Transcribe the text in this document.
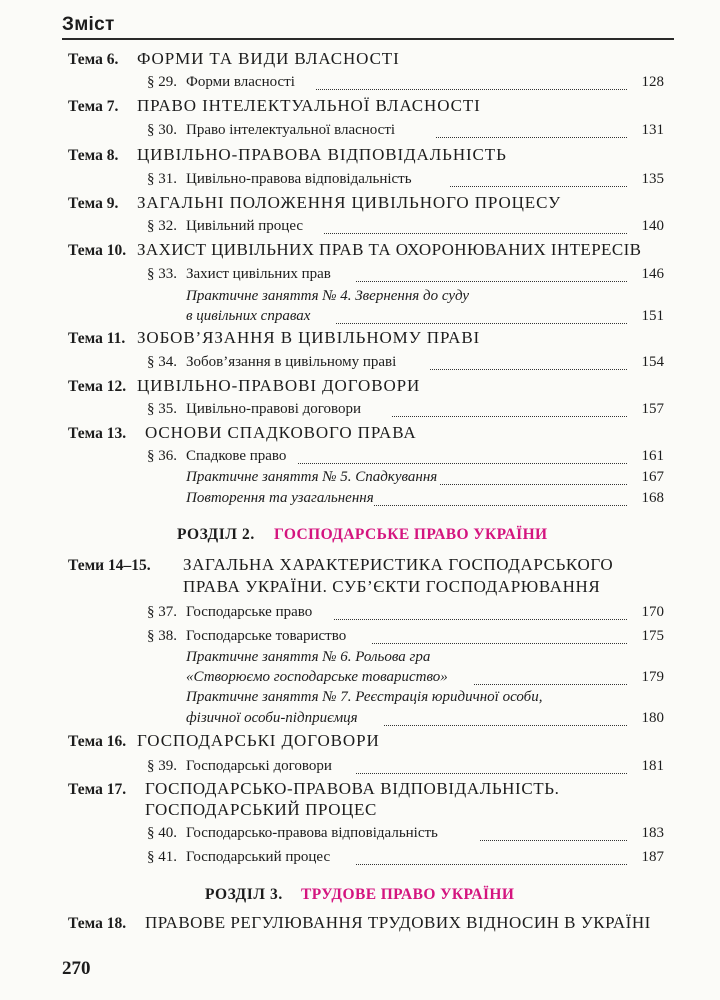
Зміст
Тема 6. ФОРМИ ТА ВИДИ ВЛАСНОСТІ
§ 29. Форми власності	128
Тема 7. ПРАВО ІНТЕЛЕКТУАЛЬНОЇ ВЛАСНОСТІ
§ 30. Право інтелектуальної власності	131
Тема 8. ЦИВІЛЬНО-ПРАВОВА ВІДПОВІДАЛЬНІСТЬ
§ 31. Цивільно-правова відповідальність	135
Тема 9. ЗАГАЛЬНІ ПОЛОЖЕННЯ ЦИВІЛЬНОГО ПРОЦЕСУ
§ 32. Цивільний процес	140
Тема 10. ЗАХИСТ ЦИВІЛЬНИХ ПРАВ ТА ОХОРОНЮВАНИХ ІНТЕРЕСІВ
§ 33. Захист цивільних прав	146
Практичне заняття № 4. Звернення до суду
в цивільних справах	151
Тема 11. ЗОБОВ’ЯЗАННЯ В ЦИВІЛЬНОМУ ПРАВІ
§ 34. Зобов’язання в цивільному праві	154
Тема 12. ЦИВІЛЬНО-ПРАВОВІ ДОГОВОРИ
§ 35. Цивільно-правові договори	157
Тема 13. ОСНОВИ СПАДКОВОГО ПРАВА
§ 36. Спадкове право	161
Практичне заняття № 5. Спадкування	167
Повторення та узагальнення	168
РОЗДІЛ 2. ГОСПОДАРСЬКЕ ПРАВО УКРАЇНИ
Теми 14–15. ЗАГАЛЬНА ХАРАКТЕРИСТИКА ГОСПОДАРСЬКОГО
ПРАВА УКРАЇНИ. СУБ’ЄКТИ ГОСПОДАРЮВАННЯ
§ 37. Господарське право	170
§ 38. Господарське товариство	175
Практичне заняття № 6. Рольова гра
«Створюємо господарське товариство»	179
Практичне заняття № 7. Реєстрація юридичної особи,
фізичної особи-підприємця	180
Тема 16. ГОСПОДАРСЬКІ ДОГОВОРИ
§ 39. Господарські договори	181
Тема 17. ГОСПОДАРСЬКО-ПРАВОВА ВІДПОВІДАЛЬНІСТЬ.
ГОСПОДАРСЬКИЙ ПРОЦЕС
§ 40. Господарсько-правова відповідальність	183
§ 41. Господарський процес	187
РОЗДІЛ 3. ТРУДОВЕ ПРАВО УКРАЇНИ
Тема 18. ПРАВОВЕ РЕГУЛЮВАННЯ ТРУДОВИХ ВІДНОСИН В УКРАЇНІ
270
